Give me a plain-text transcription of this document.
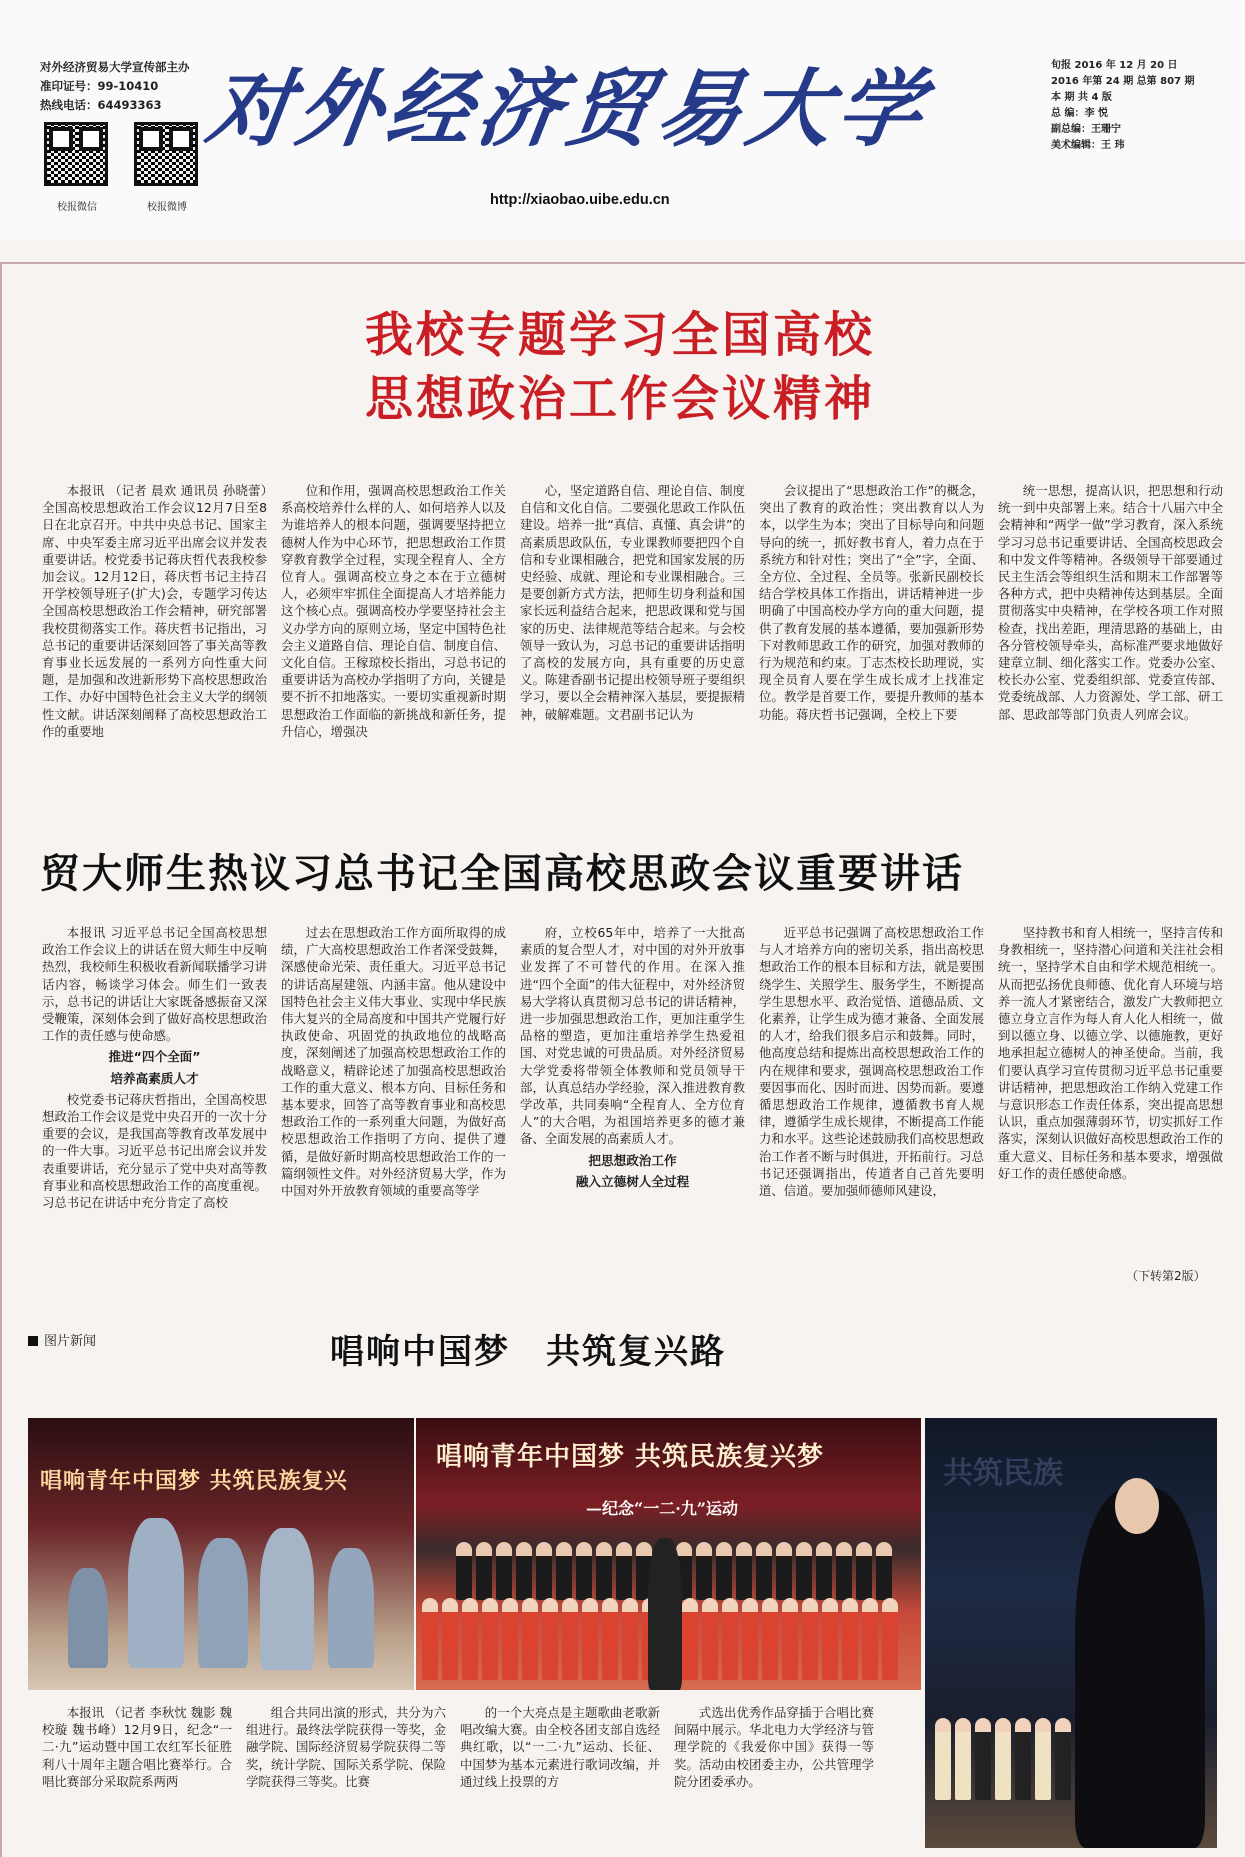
对外经济贸易大学宣传部主办
准印证号：99-10410
热线电话：64493363
校报微信	校报微博
对外经济贸易大学
http://xiaobao.uibe.edu.cn
旬报 2016 年 12 月 20 日
2016 年第 24 期 总第 807 期
本 期 共 4 版
总 编：李 悦
副总编：王珊宁
美术编辑：王 玮
我校专题学习全国高校
思想政治工作会议精神

本报讯 （记者 晨欢 通讯员 孙晓蕾）全国高校思想政治工作会议12月7日至8日在北京召开。中共中央总书记、国家主席、中央军委主席习近平出席会议并发表重要讲话。校党委书记蒋庆哲代表我校参加会议。12月12日，蒋庆哲书记主持召开学校领导班子(扩大)会，专题学习传达全国高校思想政治工作会精神，研究部署我校贯彻落实工作。蒋庆哲书记指出，习总书记的重要讲话深刻回答了事关高等教育事业长远发展的一系列方向性重大问题，是加强和改进新形势下高校思想政治工作、办好中国特色社会主义大学的纲领性文献。讲话深刻阐释了高校思想政治工作的重要地

位和作用，强调高校思想政治工作关系高校培养什么样的人、如何培养人以及为谁培养人的根本问题，强调要坚持把立德树人作为中心环节，把思想政治工作贯穿教育教学全过程，实现全程育人、全方位育人。强调高校立身之本在于立德树人，必须牢牢抓住全面提高人才培养能力这个核心点。强调高校办学要坚持社会主义办学方向的原则立场，坚定中国特色社会主义道路自信、理论自信、制度自信、文化自信。王稼琼校长指出，习总书记的重要讲话为高校办学指明了方向，关键是要不折不扣地落实。一要切实重视新时期思想政治工作面临的新挑战和新任务，提升信心，增强决

心，坚定道路自信、理论自信、制度自信和文化自信。二要强化思政工作队伍建设。培养一批“真信、真懂、真会讲”的高素质思政队伍，专业课教师要把四个自信和专业课相融合，把党和国家发展的历史经验、成就、理论和专业课相融合。三是要创新方式方法，把师生切身利益和国家长远利益结合起来，把思政课和党与国家的历史、法律规范等结合起来。与会校领导一致认为，习总书记的重要讲话指明了高校的发展方向，具有重要的历史意义。陈建香副书记提出校领导班子要组织学习，要以全会精神深入基层，要提振精神，破解难题。文君副书记认为

会议提出了“思想政治工作”的概念，突出了教育的政治性；突出教育以人为本，以学生为本；突出了目标导向和问题导向的统一，抓好教书育人，着力点在于系统方和针对性；突出了“全”字，全面、全方位、全过程、全员等。张新民副校长结合学校具体工作指出，讲话精神进一步明确了中国高校办学方向的重大问题，提供了教育发展的基本遵循，要加强新形势下对教师思政工作的研究，加强对教师的行为规范和约束。丁志杰校长助理说，实现全员育人要在学生成长成才上找准定位。教学是首要工作，要提升教师的基本功能。蒋庆哲书记强调，全校上下要

统一思想，提高认识，把思想和行动统一到中央部署上来。结合十八届六中全会精神和“两学一做”学习教育，深入系统学习习总书记重要讲话、全国高校思政会和中发文件等精神。各级领导干部要通过民主生活会等组织生活和期末工作部署等各种方式，把中央精神传达到基层。全面贯彻落实中央精神，在学校各项工作对照检查，找出差距，理清思路的基础上，由各分管校领导牵头，高标准严要求地做好建章立制、细化落实工作。党委办公室、校长办公室、党委组织部、党委宣传部、党委统战部、人力资源处、学工部、研工部、思政部等部门负责人列席会议。

贸大师生热议习总书记全国高校思政会议重要讲话

本报讯 习近平总书记全国高校思想政治工作会议上的讲话在贸大师生中反响热烈，我校师生积极收看新闻联播学习讲话内容，畅谈学习体会。师生们一致表示，总书记的讲话让大家既备感振奋又深受鞭策，深刻体会到了做好高校思想政治工作的责任感与使命感。

推进“四个全面”
培养高素质人才

校党委书记蒋庆哲指出，全国高校思想政治工作会议是党中央召开的一次十分重要的会议，是我国高等教育改革发展中的一件大事。习近平总书记出席会议并发表重要讲话，充分显示了党中央对高等教育事业和高校思想政治工作的高度重视。习总书记在讲话中充分肯定了高校

过去在思想政治工作方面所取得的成绩，广大高校思想政治工作者深受鼓舞，深感使命光荣、责任重大。习近平总书记的讲话高屋建瓴、内涵丰富。他从建设中国特色社会主义伟大事业、实现中华民族伟大复兴的全局高度和中国共产党履行好执政使命、巩固党的执政地位的战略高度，深刻阐述了加强高校思想政治工作的战略意义，精辟论述了加强高校思想政治工作的重大意义、根本方向、目标任务和基本要求，回答了高等教育事业和高校思想政治工作的一系列重大问题，为做好高校思想政治工作指明了方向、提供了遵循，是做好新时期高校思想政治工作的一篇纲领性文件。对外经济贸易大学，作为中国对外开放教育领域的重要高等学

府，立校65年中，培养了一大批高素质的复合型人才，对中国的对外开放事业发挥了不可替代的作用。在深入推进“四个全面”的伟大征程中，对外经济贸易大学将认真贯彻习总书记的讲话精神，进一步加强思想政治工作，更加注重学生品格的塑造，更加注重培养学生热爱祖国、对党忠诚的可贵品质。对外经济贸易大学党委将带领全体教师和党员领导干部，认真总结办学经验，深入推进教育教学改革，共同奏响“全程育人、全方位育人”的大合唱，为祖国培养更多的德才兼备、全面发展的高素质人才。

把思想政治工作
融入立德树人全过程

近平总书记强调了高校思想政治工作与人才培养方向的密切关系，指出高校思想政治工作的根本目标和方法，就是要围绕学生、关照学生、服务学生，不断提高学生思想水平、政治觉悟、道德品质、文化素养，让学生成为德才兼备、全面发展的人才，给我们很多启示和鼓舞。同时，他高度总结和提炼出高校思想政治工作的内在规律和要求，强调高校思想政治工作要因事而化、因时而进、因势而新。要遵循思想政治工作规律，遵循教书育人规律，遵循学生成长规律，不断提高工作能力和水平。这些论述鼓励我们高校思想政治工作者不断与时俱进，开拓前行。习总书记还强调指出，传道者自己首先要明道、信道。要加强师德师风建设，

坚持教书和育人相统一，坚持言传和身教相统一，坚持潜心问道和关注社会相统一，坚持学术自由和学术规范相统一。从而把弘扬优良师德、优化育人环境与培养一流人才紧密结合，激发广大教师把立德立身立言作为每人育人化人相统一，做到以德立身、以德立学、以德施教，更好地承担起立德树人的神圣使命。当前，我们要认真学习宣传贯彻习近平总书记重要讲话精神，把思想政治工作纳入党建工作与意识形态工作责任体系，突出提高思想认识，重点加强薄弱环节，切实抓好工作落实，深刻认识做好高校思想政治工作的重大意义、目标任务和基本要求，增强做好工作的责任感使命感。

（下转第2版）
图片新闻	唱响中国梦　共筑复兴路
唱响青年中国梦 共筑民族复兴
唱响青年中国梦 共筑民族复兴梦
—纪念“一二·九”运动
共筑民族

本报讯 （记者 李秋忱 魏影 魏校璇 魏书峰）12月9日，纪念“一二·九”运动暨中国工农红军长征胜利八十周年主题合唱比赛举行。合唱比赛部分采取院系两两

组合共同出演的形式，共分为六组进行。最终法学院获得一等奖，金融学院、国际经济贸易学院获得二等奖，统计学院、国际关系学院、保险学院获得三等奖。比赛

的一个大亮点是主题歌曲老歌新唱改编大赛。由全校各团支部自选经典红歌，以“一二·九”运动、长征、中国梦为基本元素进行歌词改编，并通过线上投票的方

式选出优秀作品穿插于合唱比赛间隔中展示。华北电力大学经济与管理学院的《我爱你中国》获得一等奖。活动由校团委主办，公共管理学院分团委承办。
